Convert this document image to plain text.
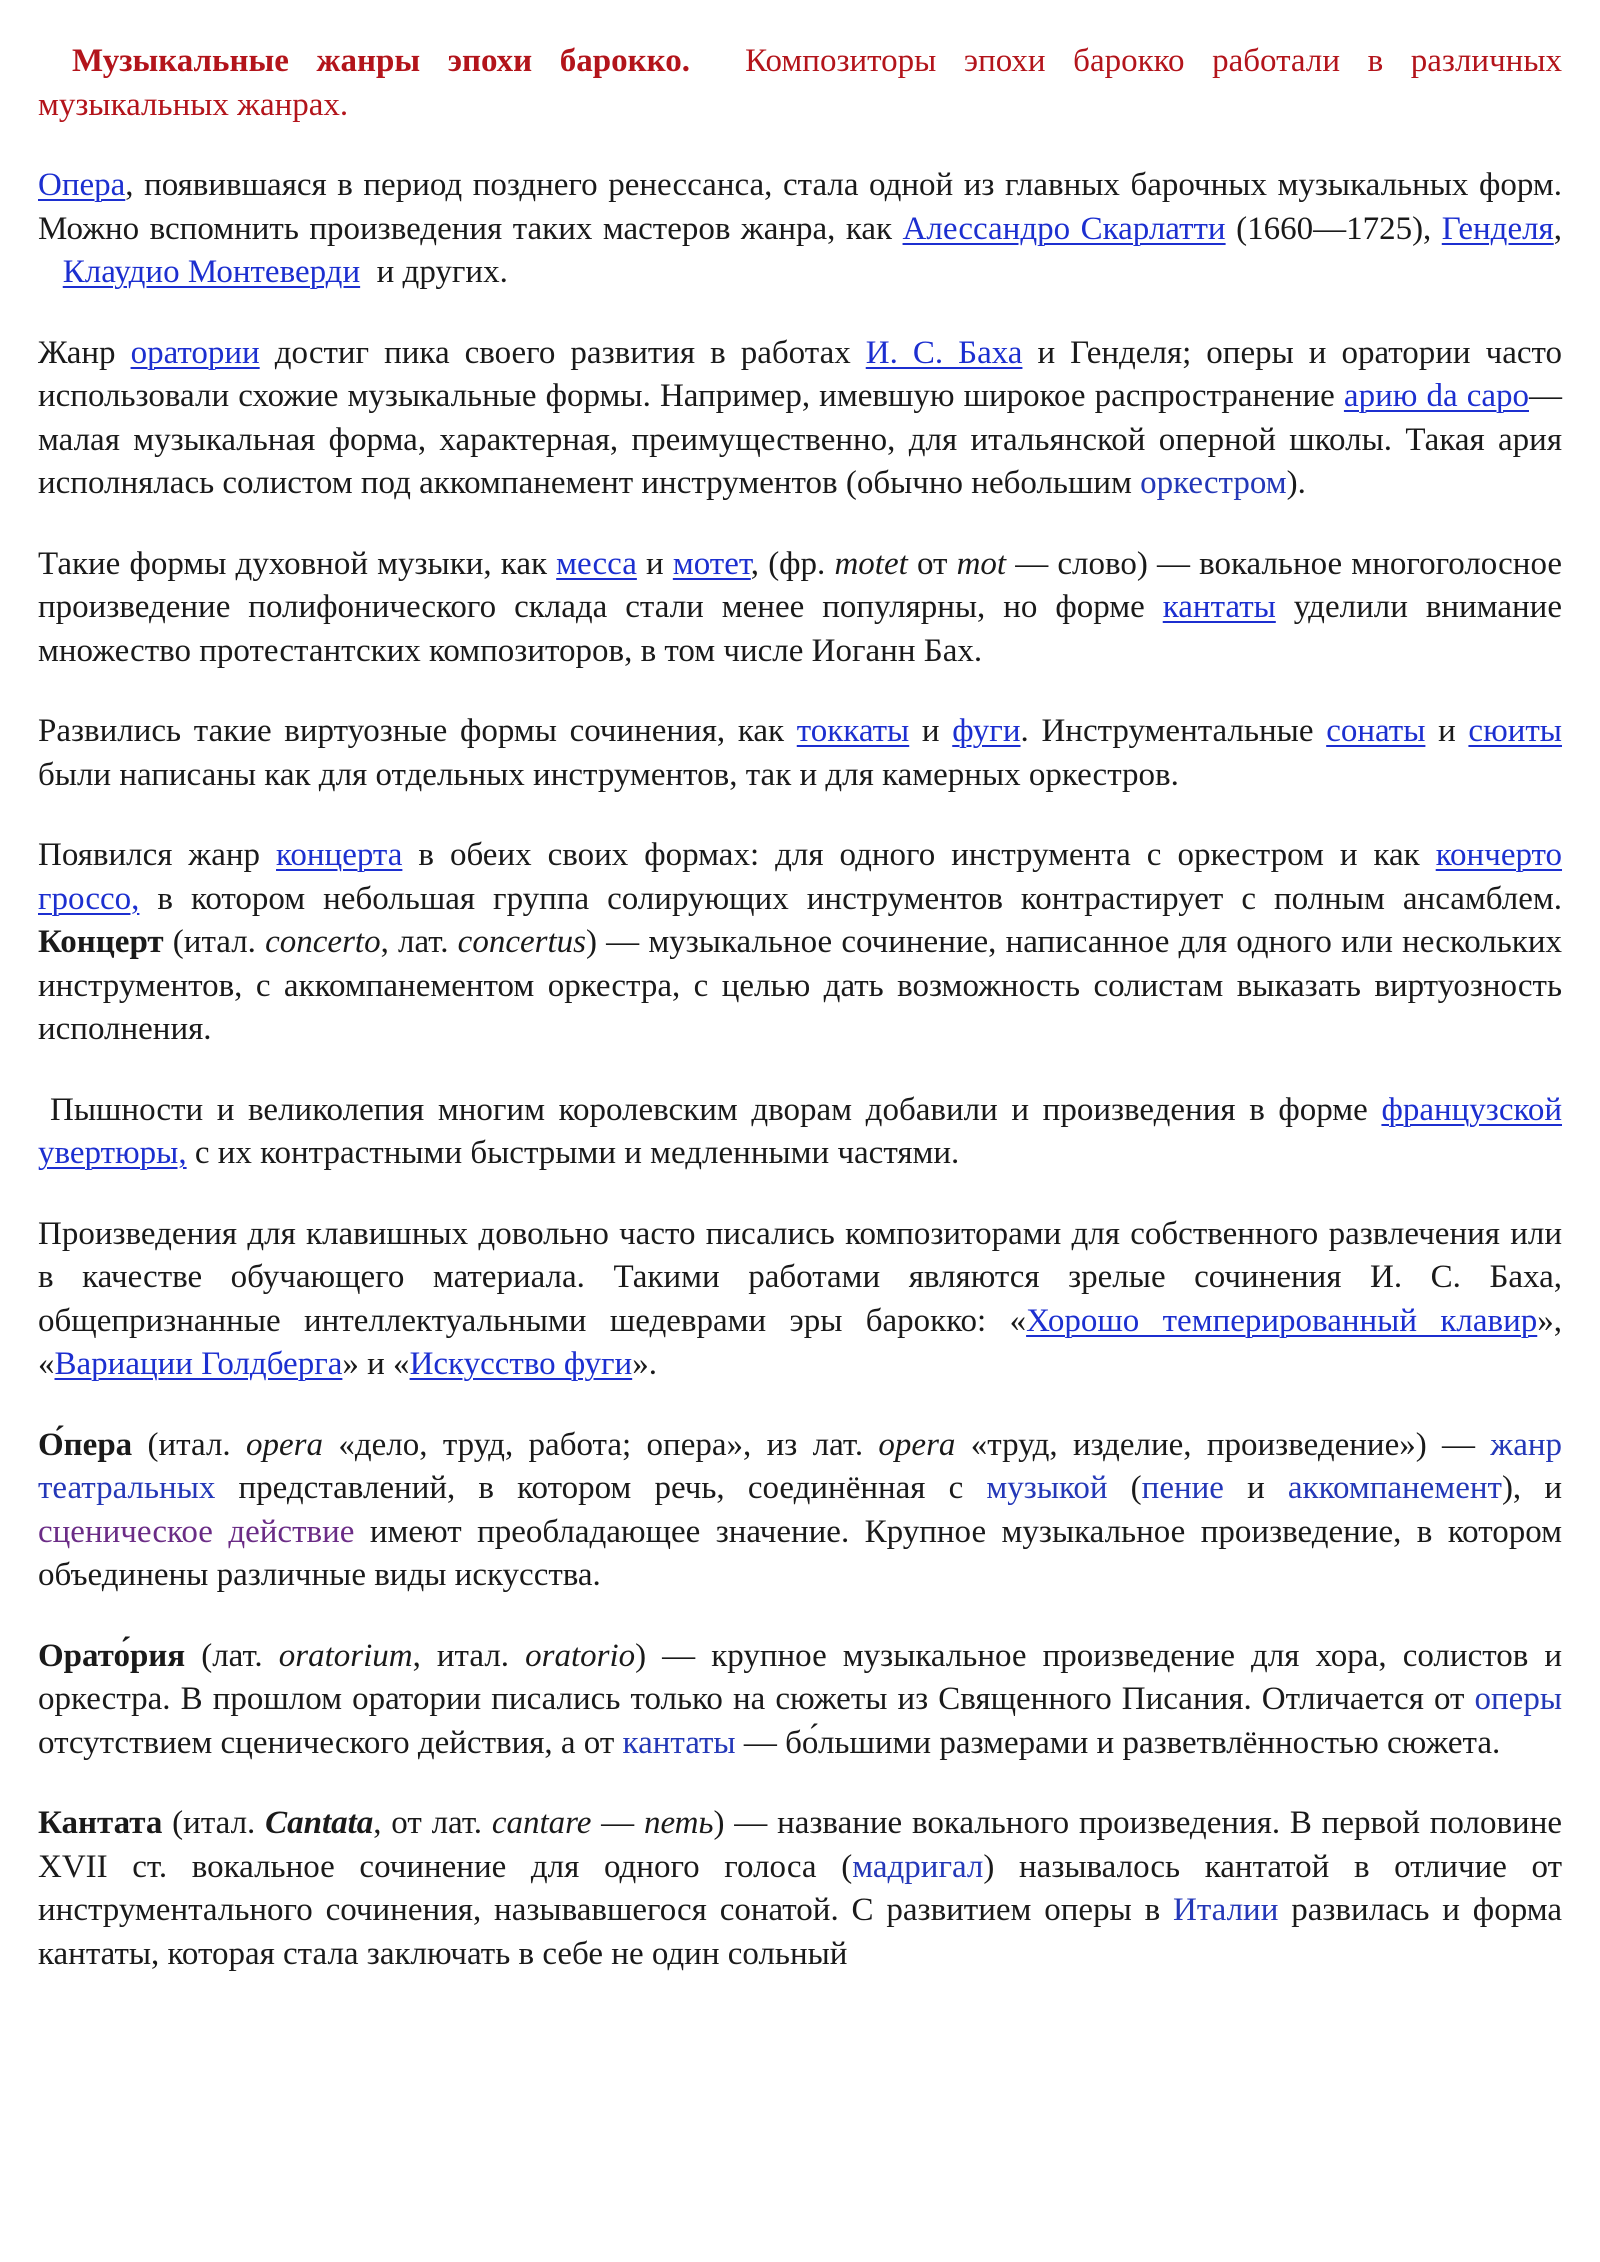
Музыкальные жанры эпохи барокко. Композиторы эпохи барокко работали в различных музыкальных жанрах.

Опера, появившаяся в период позднего ренессанса, стала одной из главных барочных музыкальных форм. Можно вспомнить произведения таких мастеров жанра, как Алессандро Скарлатти (1660—1725), Генделя,    Клаудио Монтеверди  и других.

Жанр оратории достиг пика своего развития в работах И. С. Баха и Генделя; оперы и оратории часто использовали схожие музыкальные формы. Например, имевшую широкое распространение арию da capo— малая музыкальная форма, характерная, преимущественно, для итальянской оперной школы. Такая ария исполнялась солистом под аккомпанемент инструментов (обычно небольшим оркестром).

Такие формы духовной музыки, как месса и мотет, (фр. motet от mot — слово) — вокальное многоголосное произведение полифонического склада стали менее популярны, но форме кантаты уделили внимание множество протестантских композиторов, в том числе Иоганн Бах.

Развились такие виртуозные формы сочинения, как токкаты и фуги. Инструментальные сонаты и сюиты были написаны как для отдельных инструментов, так и для камерных оркестров.

Появился жанр концерта в обеих своих формах: для одного инструмента с оркестром и как кончерто гроссо, в котором небольшая группа солирующих инструментов контрастирует с полным ансамблем. Концерт (итал. concerto, лат. concertus) — музыкальное сочинение, написанное для одного или нескольких инструментов, с аккомпанементом оркестра, с целью дать возможность солистам выказать виртуозность исполнения.

Пышности и великолепия многим королевским дворам добавили и произведения в форме французской увертюры, с их контрастными быстрыми и медленными частями.

Произведения для клавишных довольно часто писались композиторами для собственного развлечения или в качестве обучающего материала. Такими работами являются зрелые сочинения И. С. Баха, общепризнанные интеллектуальными шедеврами эры барокко: «Хорошо темперированный клавир», «Вариации Голдберга» и «Искусство фуги».

О́пера (итал. opera «дело, труд, работа; опера», из лат. opera «труд, изделие, произведение») — жанр театральных представлений, в котором речь, соединённая с музыкой (пение и аккомпанемент), и сценическое действие имеют преобладающее значение. Крупное музыкальное произведение, в котором объединены различные виды искусства.

Орато́рия (лат. oratorium, итал. oratorio) — крупное музыкальное произведение для хора, солистов и оркестра. В прошлом оратории писались только на сюжеты из Священного Писания. Отличается от оперы отсутствием сценического действия, а от кантаты — бо́льшими размерами и разветвлённостью сюжета.

Кантата (итал. Cantata, от лат. cantare — петь) — название вокального произведения. В первой половине XVII ст. вокальное сочинение для одного голоса (мадригал) называлось кантатой в отличие от инструментального сочинения, называвшегося сонатой. С развитием оперы в Италии развилась и форма кантаты, которая стала заключать в себе не один сольный
